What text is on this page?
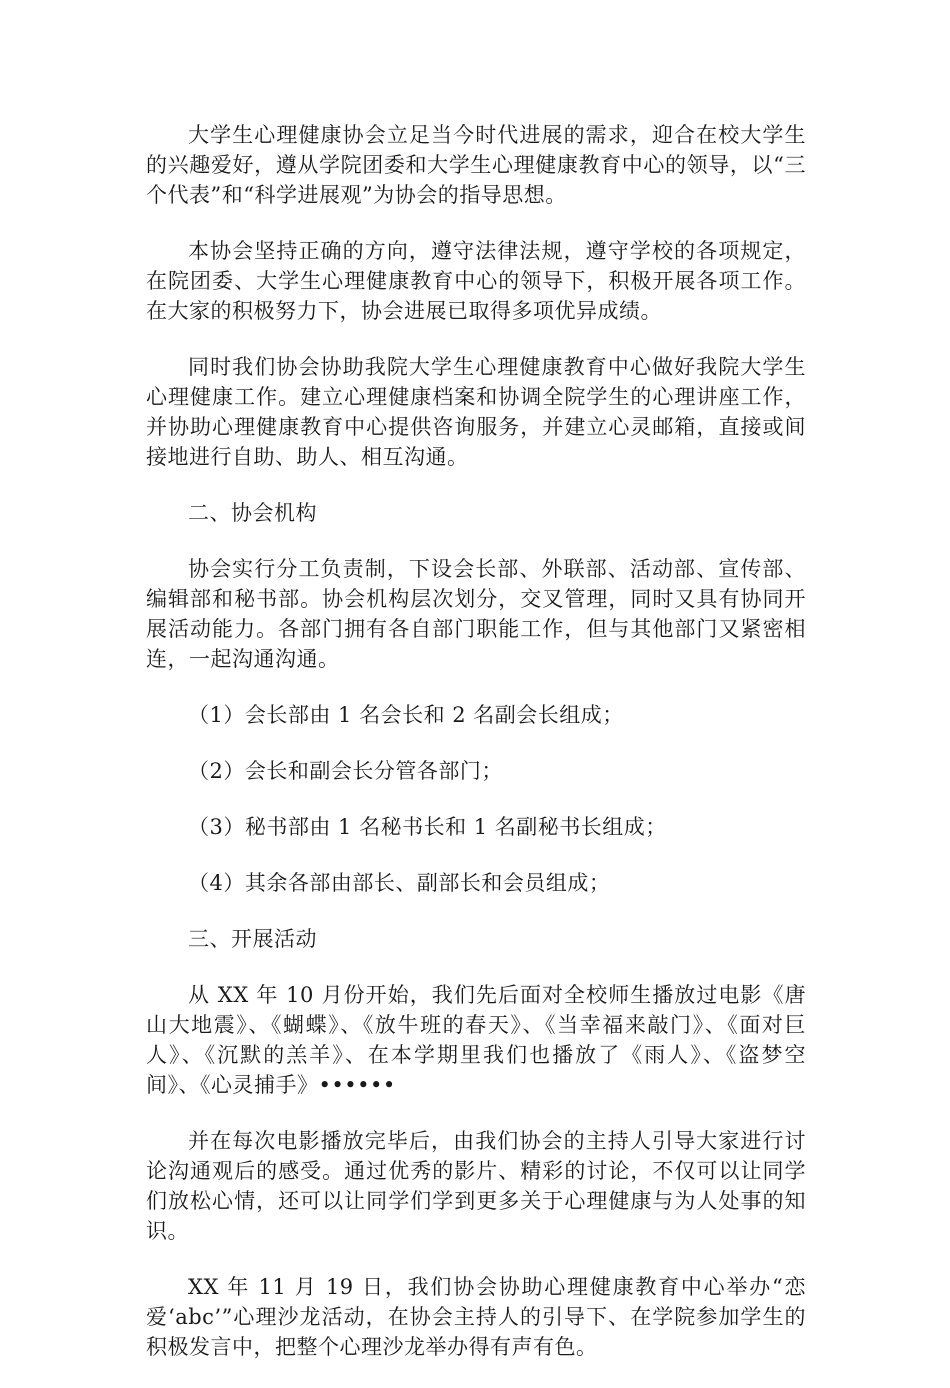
大学生心理健康协会立足当今时代进展的需求，迎合在校大学生的兴趣爱好，遵从学院团委和大学生心理健康教育中心的领导，以“三个代表”和“科学进展观”为协会的指导思想。

本协会坚持正确的方向，遵守法律法规，遵守学校的各项规定，在院团委、大学生心理健康教育中心的领导下，积极开展各项工作。在大家的积极努力下，协会进展已取得多项优异成绩。

同时我们协会协助我院大学生心理健康教育中心做好我院大学生心理健康工作。建立心理健康档案和协调全院学生的心理讲座工作，并协助心理健康教育中心提供咨询服务，并建立心灵邮箱，直接或间接地进行自助、助人、相互沟通。

二、协会机构

协会实行分工负责制，下设会长部、外联部、活动部、宣传部、编辑部和秘书部。协会机构层次划分，交叉管理，同时又具有协同开展活动能力。各部门拥有各自部门职能工作，但与其他部门又紧密相连，一起沟通沟通。

（1）会长部由 1 名会长和 2 名副会长组成；

（2）会长和副会长分管各部门；

（3）秘书部由 1 名秘书长和 1 名副秘书长组成；

（4）其余各部由部长、副部长和会员组成；

三、开展活动

从 XX 年 10 月份开始，我们先后面对全校师生播放过电影《唐山大地震》、《蝴蝶》、《放牛班的春天》、《当幸福来敲门》、《面对巨人》、《沉默的羔羊》、在本学期里我们也播放了《雨人》、《盗梦空间》、《心灵捕手》••••••

并在每次电影播放完毕后，由我们协会的主持人引导大家进行讨论沟通观后的感受。通过优秀的影片、精彩的讨论，不仅可以让同学们放松心情，还可以让同学们学到更多关于心理健康与为人处事的知识。

XX 年 11 月 19 日，我们协会协助心理健康教育中心举办“恋爱‘abc’”心理沙龙活动，在协会主持人的引导下、在学院参加学生的积极发言中，把整个心理沙龙举办得有声有色。
